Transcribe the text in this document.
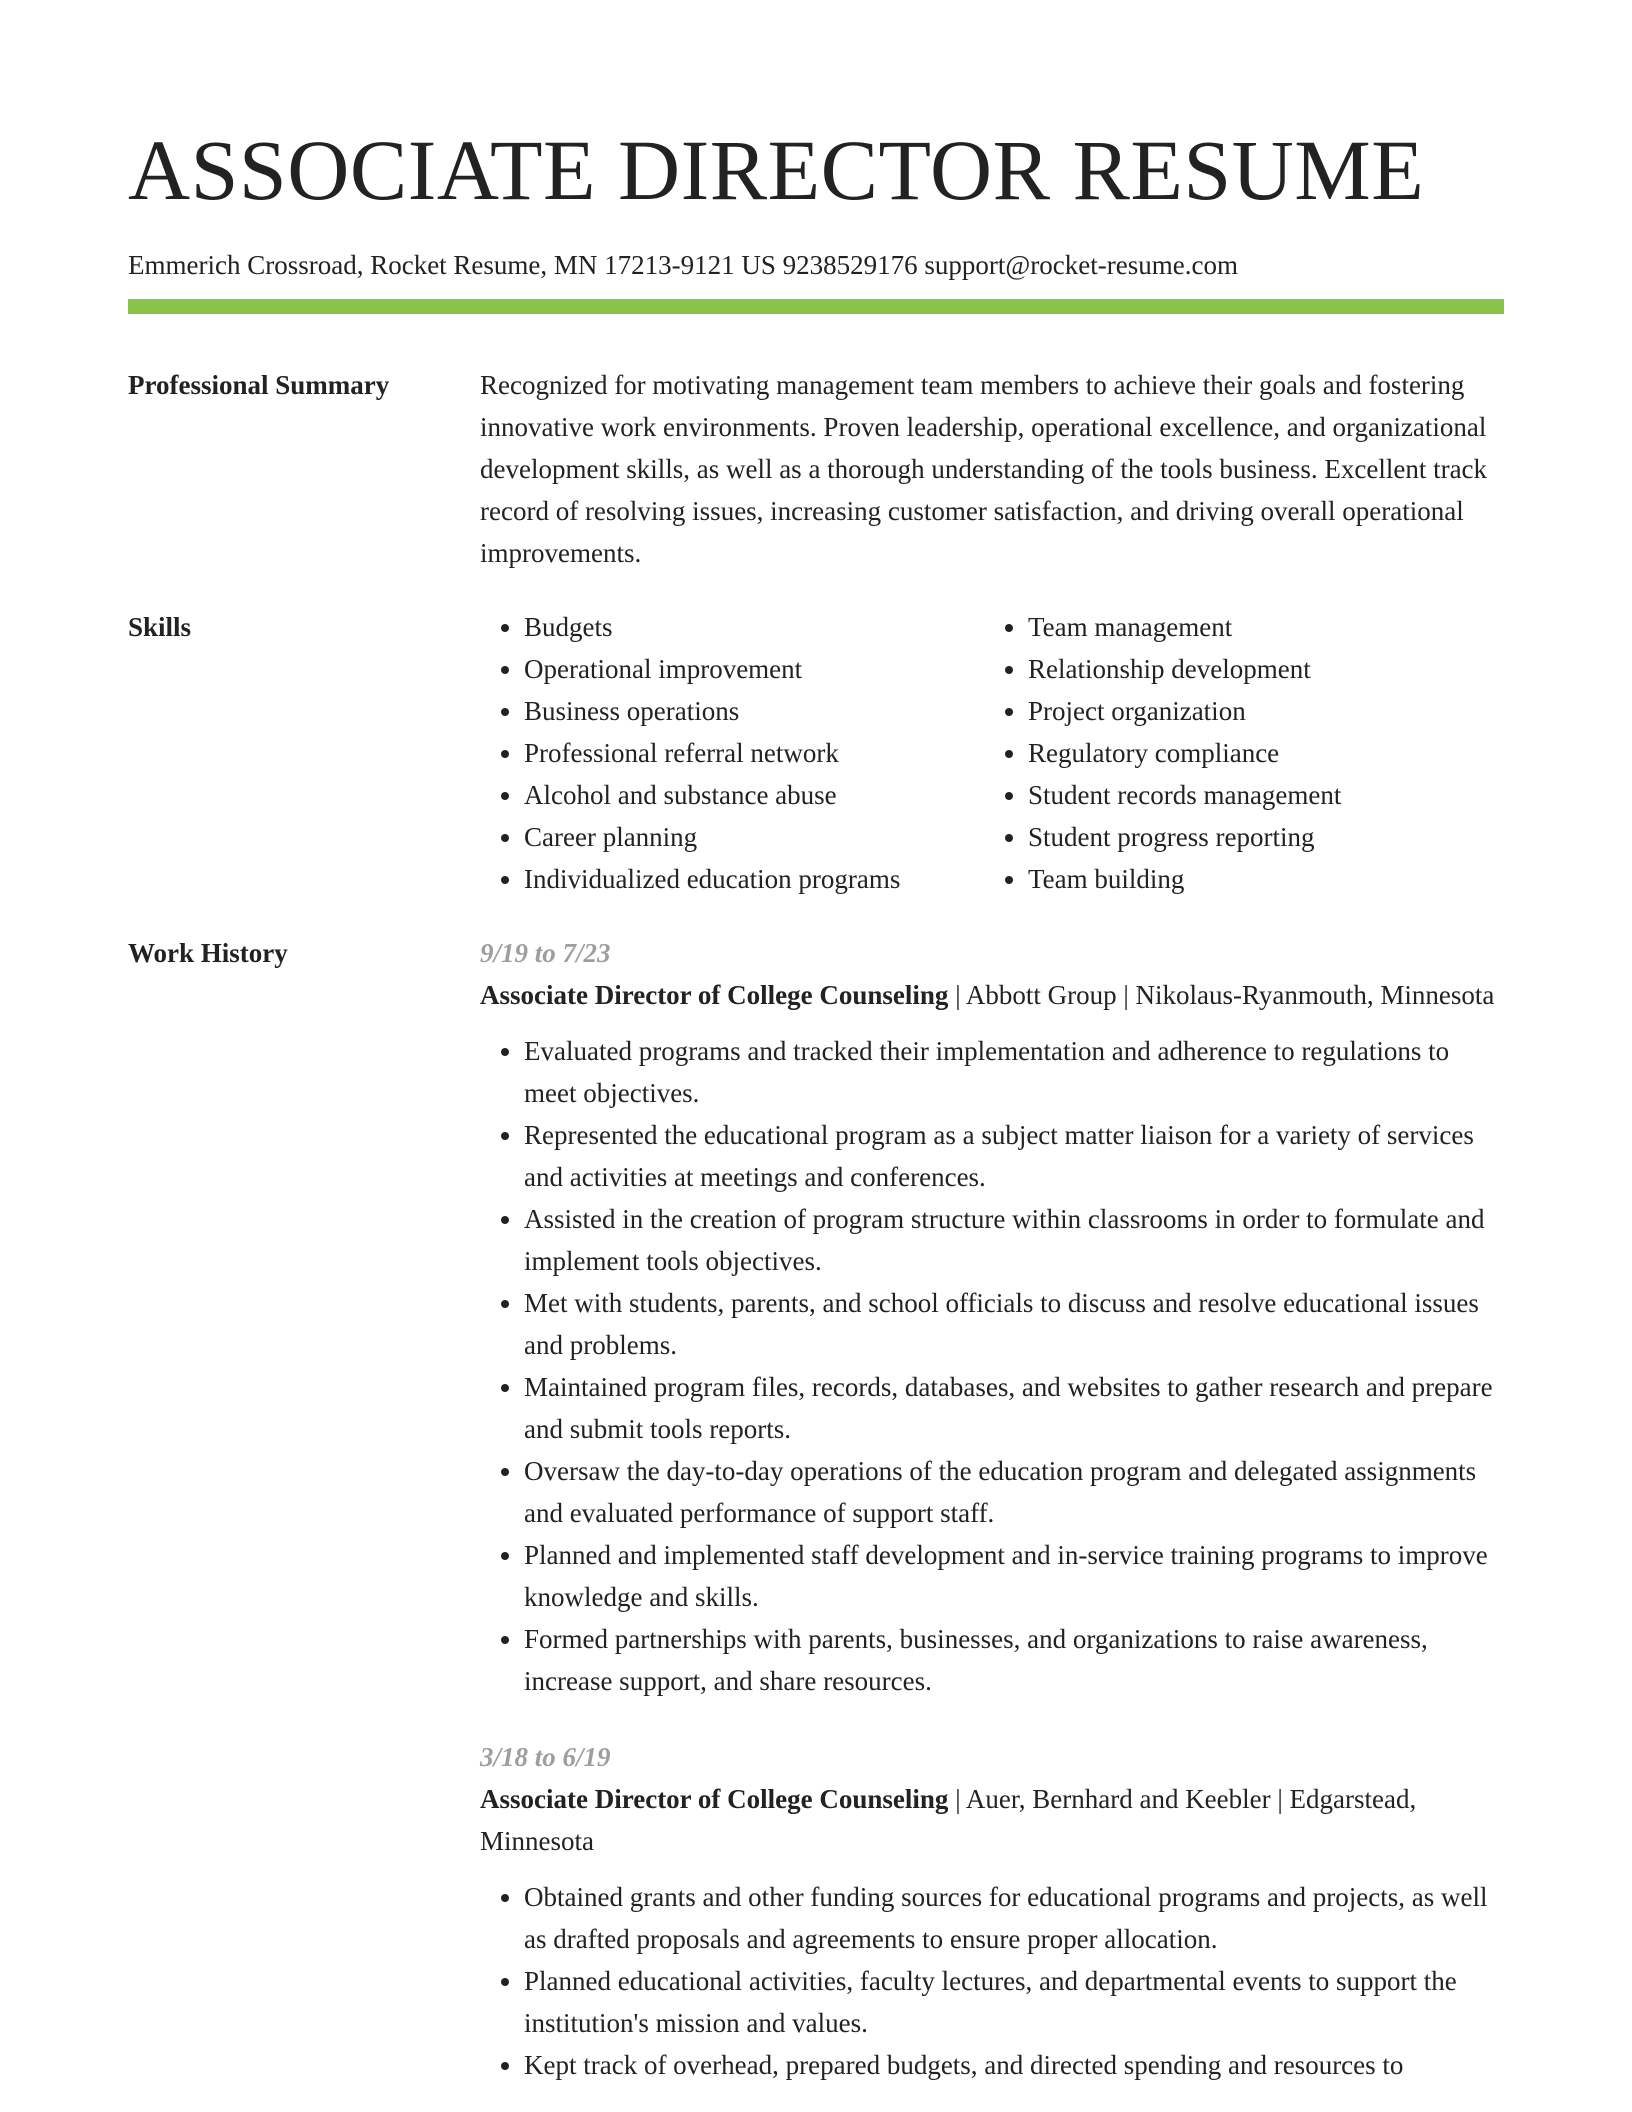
ASSOCIATE DIRECTOR RESUME
Emmerich Crossroad, Rocket Resume, MN 17213-9121 US 9238529176 support@rocket-resume.com
Professional Summary	Recognized for motivating management team members to achieve their goals and fostering innovative work environments. Proven leadership, operational excellence, and organizational development skills, as well as a thorough understanding of the tools business. Excellent track record of resolving issues, increasing customer satisfaction, and driving overall operational improvements.
Skills
•	Budgets
• Operational improvement
• Business operations
• Professional referral network
• Alcohol and substance abuse
• Career planning
• Individualized education programs
• Team management
• Relationship development
• Project organization
• Regulatory compliance
• Student records management
• Student progress reporting
• Team building
Work History	9/19 to 7/23
Associate Director of College Counseling | Abbott Group | Nikolaus-Ryanmouth, Minnesota
• Evaluated programs and tracked their implementation and adherence to regulations to meet objectives.
• Represented the educational program as a subject matter liaison for a variety of services and activities at meetings and conferences.
• Assisted in the creation of program structure within classrooms in order to formulate and implement tools objectives.
• Met with students, parents, and school officials to discuss and resolve educational issues and problems.
• Maintained program files, records, databases, and websites to gather research and prepare and submit tools reports.
• Oversaw the day-to-day operations of the education program and delegated assignments and evaluated performance of support staff.
• Planned and implemented staff development and in-service training programs to improve knowledge and skills.
• Formed partnerships with parents, businesses, and organizations to raise awareness, increase support, and share resources.
3/18 to 6/19
Associate Director of College Counseling | Auer, Bernhard and Keebler | Edgarstead, Minnesota
• Obtained grants and other funding sources for educational programs and projects, as well as drafted proposals and agreements to ensure proper allocation.
• Planned educational activities, faculty lectures, and departmental events to support the institution's mission and values.
• Kept track of overhead, prepared budgets, and directed spending and resources to
